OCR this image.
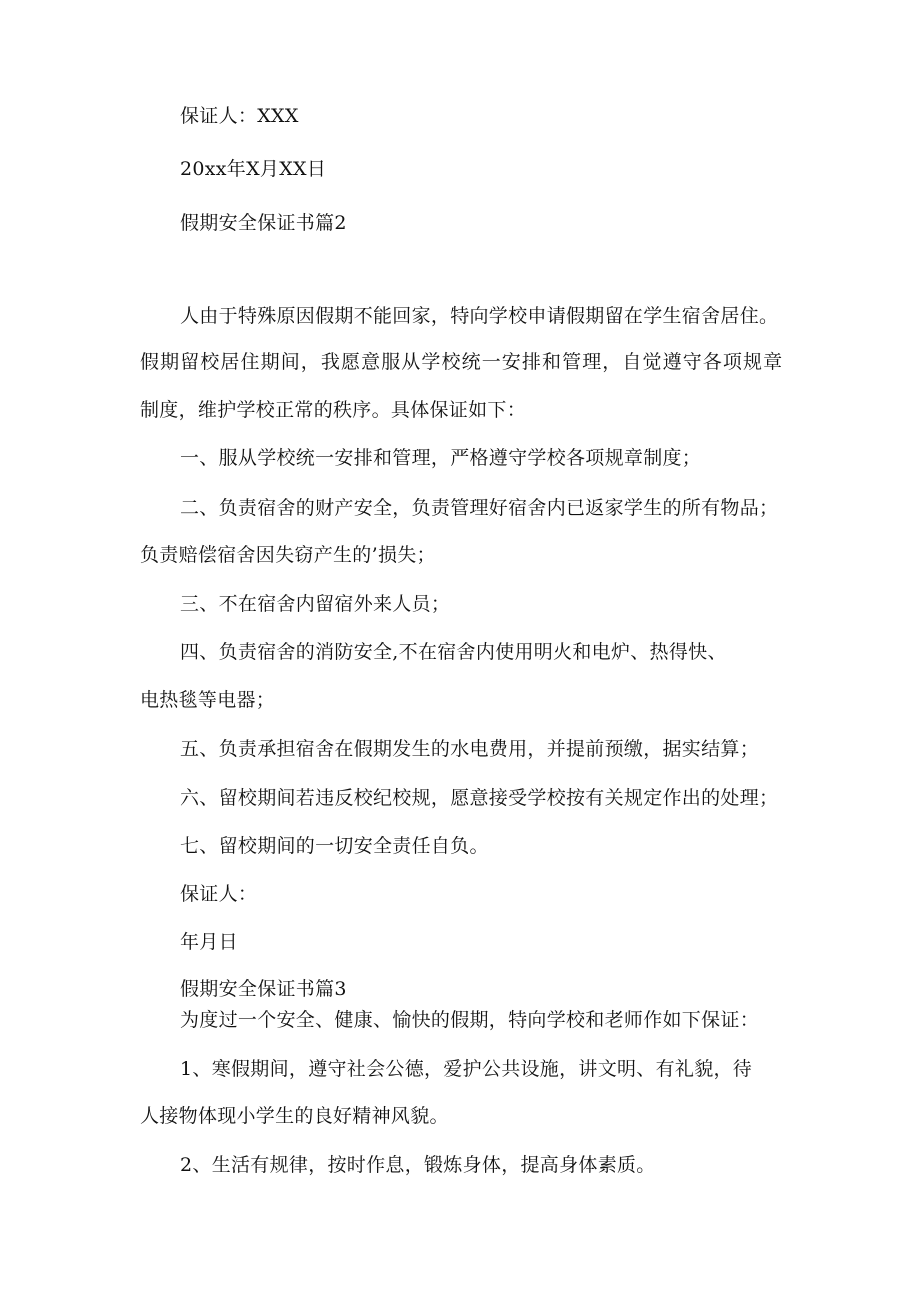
保证人：XXX
20xx年X月XX日
假期安全保证书篇2
人由于特殊原因假期不能回家，特向学校申请假期留在学生宿舍居住。
假期留校居住期间，我愿意服从学校统一安排和管理，自觉遵守各项规章
制度，维护学校正常的秩序。具体保证如下：
一、服从学校统一安排和管理，严格遵守学校各项规章制度；
二、负责宿舍的财产安全，负责管理好宿舍内已返家学生的所有物品；
负责赔偿宿舍因失窃产生的’损失；
三、不在宿舍内留宿外来人员；
四、负责宿舍的消防安全,不在宿舍内使用明火和电炉、热得快、
电热毯等电器；
五、负责承担宿舍在假期发生的水电费用，并提前预缴，据实结算；
六、留校期间若违反校纪校规，愿意接受学校按有关规定作出的处理；
七、留校期间的一切安全责任自负。
保证人：
年月日
假期安全保证书篇3
为度过一个安全、健康、愉快的假期，特向学校和老师作如下保证：
1、寒假期间，遵守社会公德，爱护公共设施，讲文明、有礼貌，待
人接物体现小学生的良好精神风貌。
2、生活有规律，按时作息，锻炼身体，提高身体素质。
